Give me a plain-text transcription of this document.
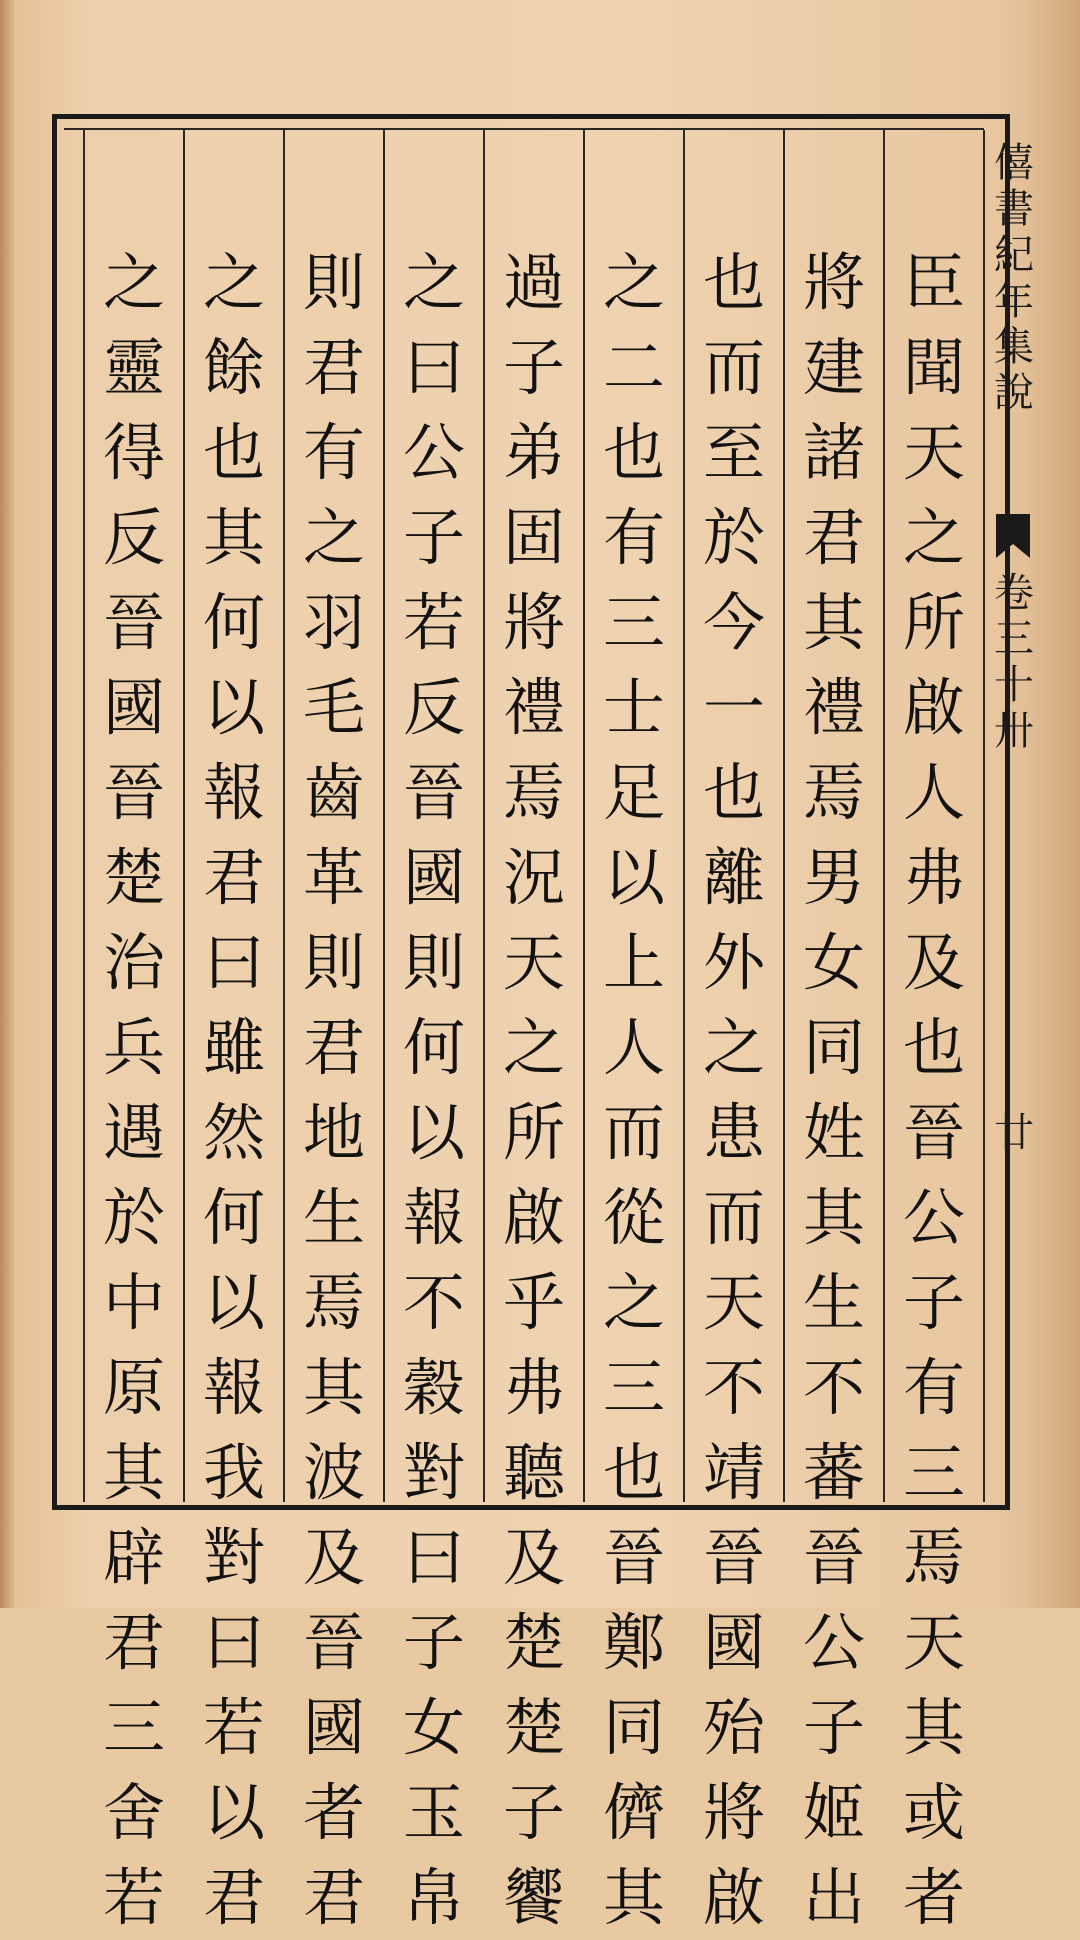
臣
聞
天
之
所
啟
人
弗
及
也
晉
公
子
有
三
焉
天
其
或
者
將
建
諸
君
其
禮
焉
男
女
同
姓
其
生
不
蕃
晉
公
子
姬
出
也
而
至
於
今
一
也
離
外
之
患
而
天
不
靖
晉
國
殆
將
啟
之
二
也
有
三
士
足
以
上
人
而
從
之
三
也
晉
鄭
同
儕
其
過
子
弟
固
將
禮
焉
況
天
之
所
啟
乎
弗
聽
及
楚
楚
子
饗
之
曰
公
子
若
反
晉
國
則
何
以
報
不
穀
對
曰
子
女
玉
帛
則
君
有
之
羽
毛
齒
革
則
君
地
生
焉
其
波
及
晉
國
者
君
之
餘
也
其
何
以
報
君
曰
雖
然
何
以
報
我
對
曰
若
以
君
之
靈
得
反
晉
國
晉
楚
治
兵
遇
於
中
原
其
辟
君
三
舍
若
僖
書
紀
年
集
說
卷
三
十
卅
廿
